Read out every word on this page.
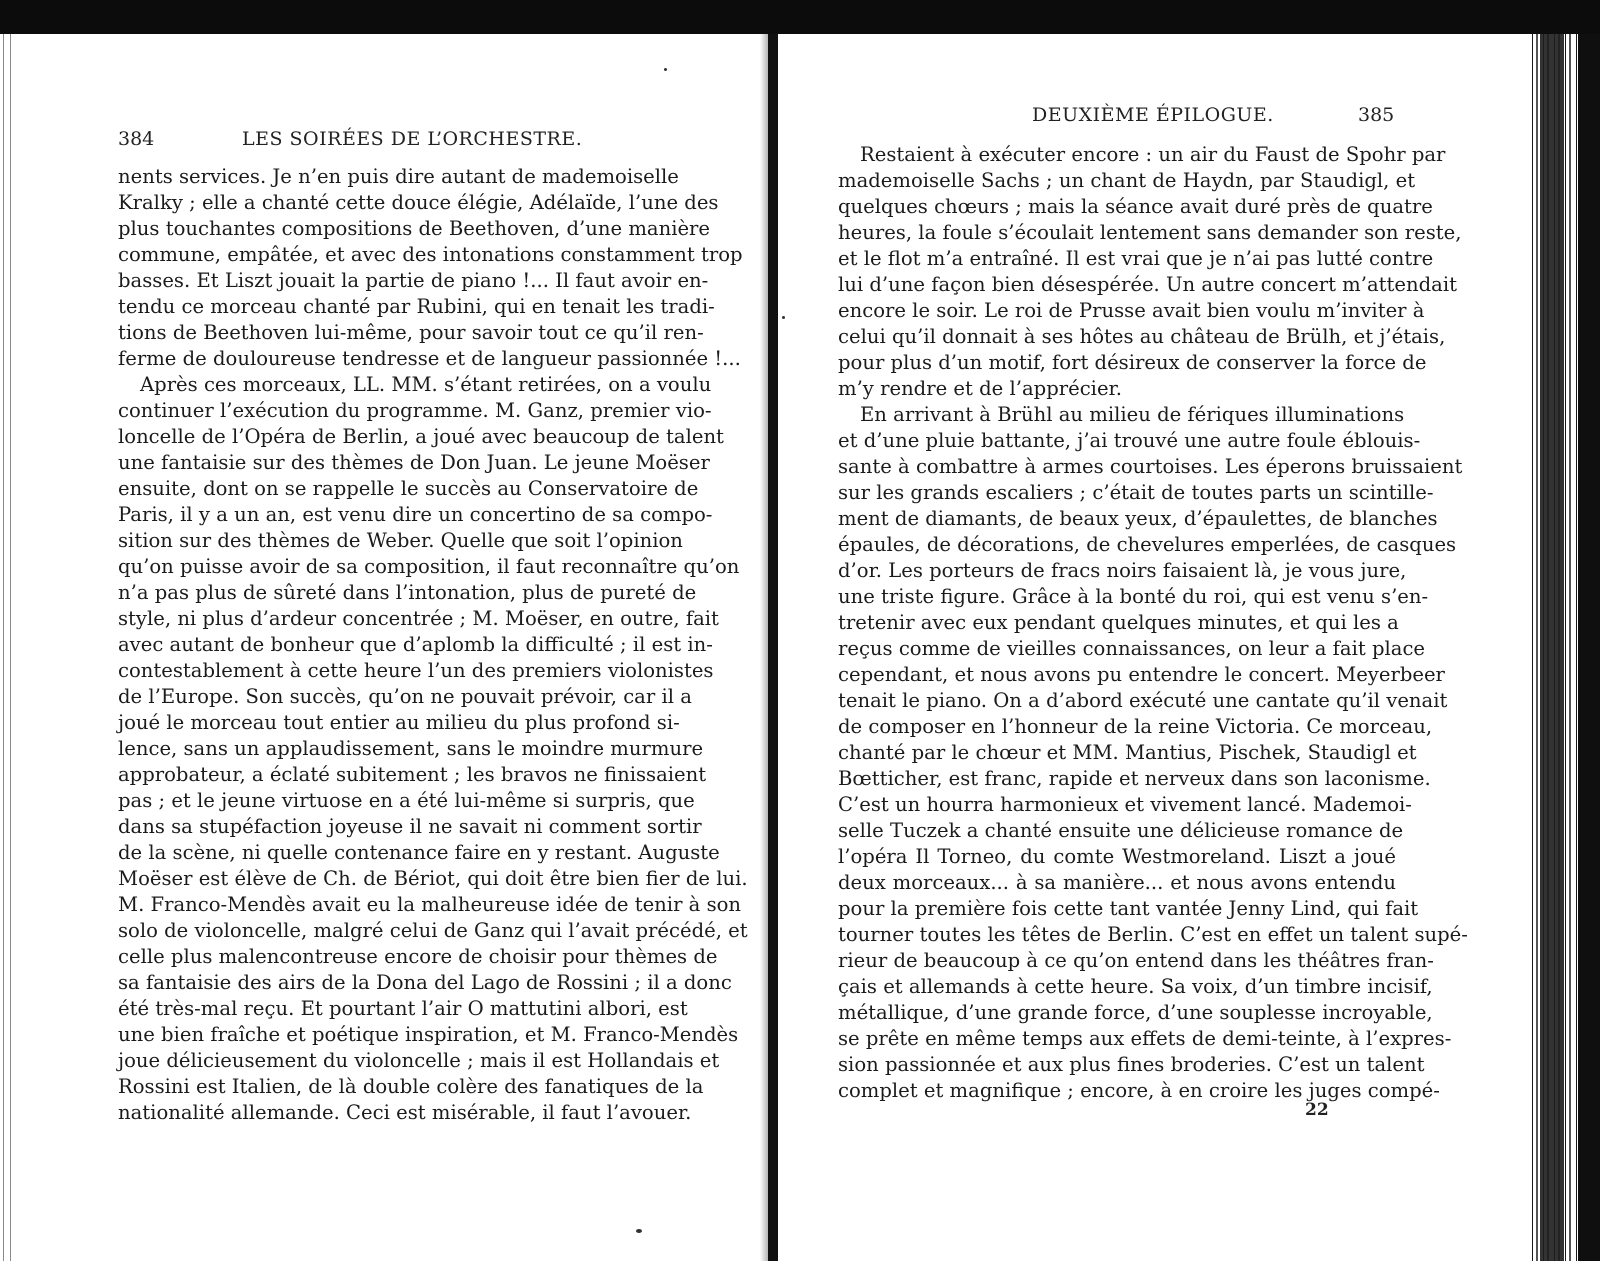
384	LES SOIRÉES DE L’ORCHESTRE.
nents services. Je n’en puis dire autant de mademoiselle
Kralky ; elle a chanté cette douce élégie, Adélaïde, l’une des
plus touchantes compositions de Beethoven, d’une manière
commune, empâtée, et avec des intonations constamment trop
basses. Et Liszt jouait la partie de piano !... Il faut avoir en-
tendu ce morceau chanté par Rubini, qui en tenait les tradi-
tions de Beethoven lui-même, pour savoir tout ce qu’il ren-
ferme de douloureuse tendresse et de langueur passionnée !...
Après ces morceaux, LL. MM. s’étant retirées, on a voulu
continuer l’exécution du programme. M. Ganz, premier vio-
loncelle de l’Opéra de Berlin, a joué avec beaucoup de talent
une fantaisie sur des thèmes de Don Juan. Le jeune Moëser
ensuite, dont on se rappelle le succès au Conservatoire de
Paris, il y a un an, est venu dire un concertino de sa compo-
sition sur des thèmes de Weber. Quelle que soit l’opinion
qu’on puisse avoir de sa composition, il faut reconnaître qu’on
n’a pas plus de sûreté dans l’intonation, plus de pureté de
style, ni plus d’ardeur concentrée ; M. Moëser, en outre, fait
avec autant de bonheur que d’aplomb la difficulté ; il est in-
contestablement à cette heure l’un des premiers violonistes
de l’Europe. Son succès, qu’on ne pouvait prévoir, car il a
joué le morceau tout entier au milieu du plus profond si-
lence, sans un applaudissement, sans le moindre murmure
approbateur, a éclaté subitement ; les bravos ne finissaient
pas ; et le jeune virtuose en a été lui-même si surpris, que
dans sa stupéfaction joyeuse il ne savait ni comment sortir
de la scène, ni quelle contenance faire en y restant. Auguste
Moëser est élève de Ch. de Bériot, qui doit être bien fier de lui.
M. Franco-Mendès avait eu la malheureuse idée de tenir à son
solo de violoncelle, malgré celui de Ganz qui l’avait précédé, et
celle plus malencontreuse encore de choisir pour thèmes de
sa fantaisie des airs de la Dona del Lago de Rossini ; il a donc
été très-mal reçu. Et pourtant l’air O mattutini albori, est
une bien fraîche et poétique inspiration, et M. Franco-Mendès
joue délicieusement du violoncelle ; mais il est Hollandais et
Rossini est Italien, de là double colère des fanatiques de la
nationalité allemande. Ceci est misérable, il faut l’avouer.
DEUXIÈME ÉPILOGUE.	385
Restaient à exécuter encore : un air du Faust de Spohr par
mademoiselle Sachs ; un chant de Haydn, par Staudigl, et
quelques chœurs ; mais la séance avait duré près de quatre
heures, la foule s’écoulait lentement sans demander son reste,
et le flot m’a entraîné. Il est vrai que je n’ai pas lutté contre
lui d’une façon bien désespérée. Un autre concert m’attendait
encore le soir. Le roi de Prusse avait bien voulu m’inviter à
celui qu’il donnait à ses hôtes au château de Brülh, et j’étais,
pour plus d’un motif, fort désireux de conserver la force de
m’y rendre et de l’apprécier.
En arrivant à Brühl au milieu de fériques illuminations
et d’une pluie battante, j’ai trouvé une autre foule éblouis-
sante à combattre à armes courtoises. Les éperons bruissaient
sur les grands escaliers ; c’était de toutes parts un scintille-
ment de diamants, de beaux yeux, d’épaulettes, de blanches
épaules, de décorations, de chevelures emperlées, de casques
d’or. Les porteurs de fracs noirs faisaient là, je vous jure,
une triste figure. Grâce à la bonté du roi, qui est venu s’en-
tretenir avec eux pendant quelques minutes, et qui les a
reçus comme de vieilles connaissances, on leur a fait place
cependant, et nous avons pu entendre le concert. Meyerbeer
tenait le piano. On a d’abord exécuté une cantate qu’il venait
de composer en l’honneur de la reine Victoria. Ce morceau,
chanté par le chœur et MM. Mantius, Pischek, Staudigl et
Bœtticher, est franc, rapide et nerveux dans son laconisme.
C’est un hourra harmonieux et vivement lancé. Mademoi-
selle Tuczek a chanté ensuite une délicieuse romance de
l’opéra Il Torneo, du comte Westmoreland. Liszt a joué
deux morceaux... à sa manière... et nous avons entendu
pour la première fois cette tant vantée Jenny Lind, qui fait
tourner toutes les têtes de Berlin. C’est en effet un talent supé-
rieur de beaucoup à ce qu’on entend dans les théâtres fran-
çais et allemands à cette heure. Sa voix, d’un timbre incisif,
métallique, d’une grande force, d’une souplesse incroyable,
se prête en même temps aux effets de demi-teinte, à l’expres-
sion passionnée et aux plus fines broderies. C’est un talent
complet et magnifique ; encore, à en croire les juges compé-
22
